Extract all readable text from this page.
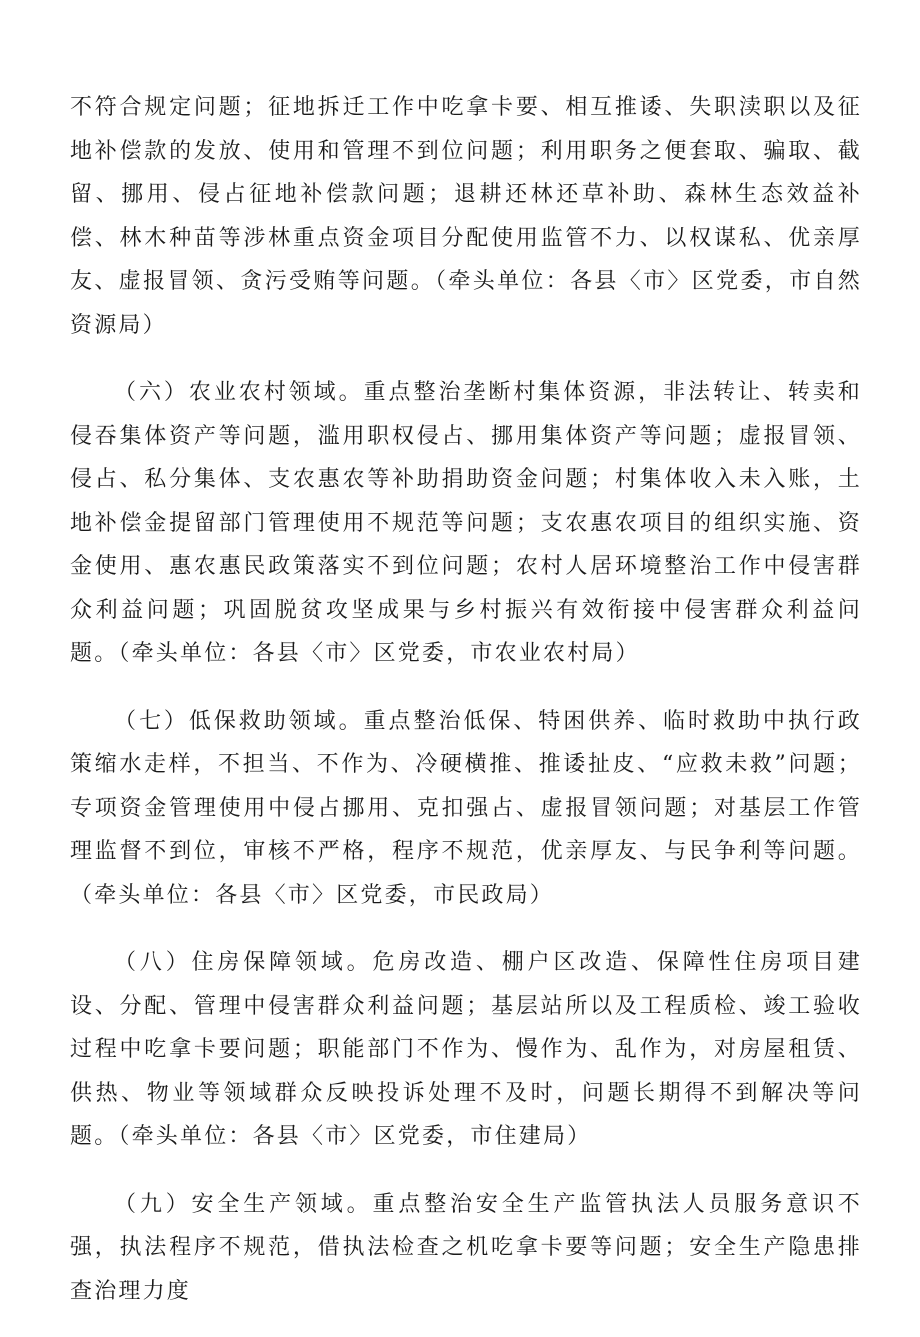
不符合规定问题；征地拆迁工作中吃拿卡要、相互推诿、失职渎职以及征地补偿款的发放、使用和管理不到位问题；利用职务之便套取、骗取、截留、挪用、侵占征地补偿款问题；退耕还林还草补助、森林生态效益补偿、林木种苗等涉林重点资金项目分配使用监管不力、以权谋私、优亲厚友、虚报冒领、贪污受贿等问题。（牵头单位：各县〈市〉区党委，市自然资源局）

（六）农业农村领域。重点整治垄断村集体资源，非法转让、转卖和侵吞集体资产等问题，滥用职权侵占、挪用集体资产等问题；虚报冒领、侵占、私分集体、支农惠农等补助捐助资金问题；村集体收入未入账，土地补偿金提留部门管理使用不规范等问题；支农惠农项目的组织实施、资金使用、惠农惠民政策落实不到位问题；农村人居环境整治工作中侵害群众利益问题；巩固脱贫攻坚成果与乡村振兴有效衔接中侵害群众利益问题。（牵头单位：各县〈市〉区党委，市农业农村局）

（七）低保救助领域。重点整治低保、特困供养、临时救助中执行政策缩水走样，不担当、不作为、冷硬横推、推诿扯皮、“应救未救”问题；专项资金管理使用中侵占挪用、克扣强占、虚报冒领问题；对基层工作管理监督不到位，审核不严格，程序不规范，优亲厚友、与民争利等问题。（牵头单位：各县〈市〉区党委，市民政局）

（八）住房保障领域。危房改造、棚户区改造、保障性住房项目建设、分配、管理中侵害群众利益问题；基层站所以及工程质检、竣工验收过程中吃拿卡要问题；职能部门不作为、慢作为、乱作为，对房屋租赁、供热、物业等领域群众反映投诉处理不及时，问题长期得不到解决等问题。（牵头单位：各县〈市〉区党委，市住建局）

（九）安全生产领域。重点整治安全生产监管执法人员服务意识不强，执法程序不规范，借执法检查之机吃拿卡要等问题；安全生产隐患排查治理力度
